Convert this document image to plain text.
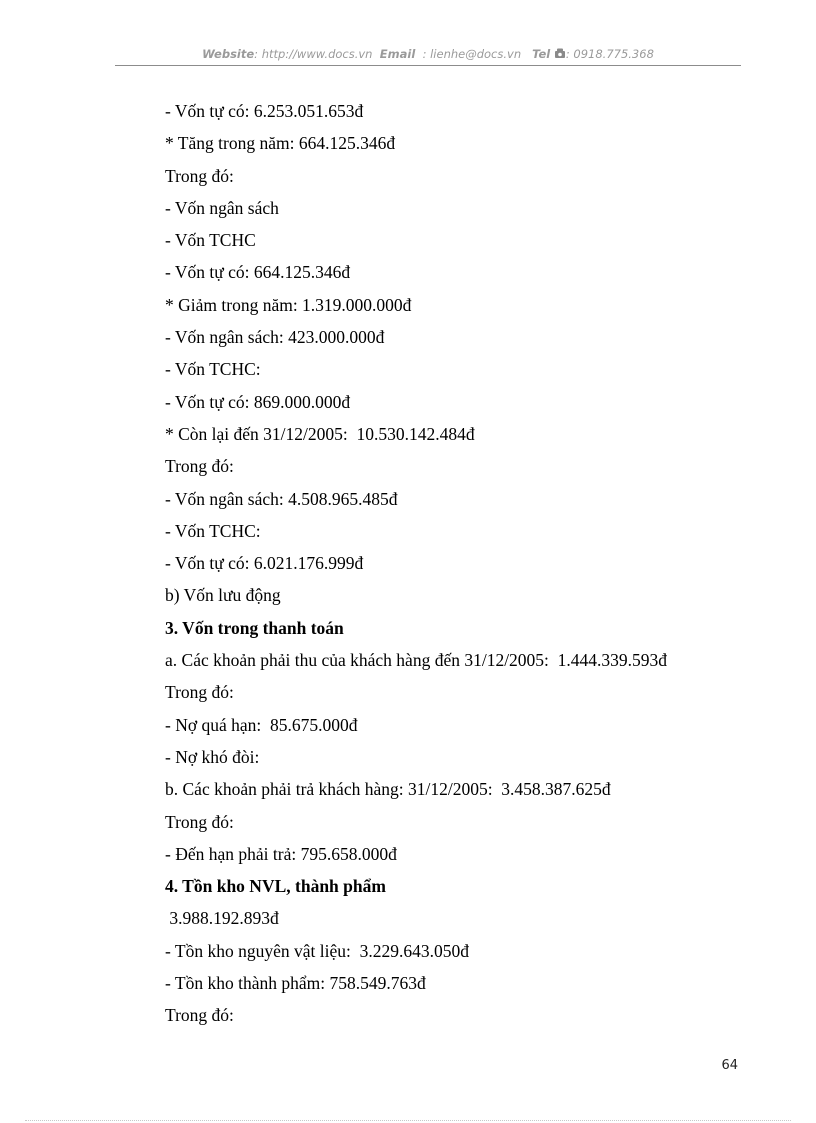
Website: http://www.docs.vn Email : lienhe@docs.vn Tel : 0918.775.368
- Vốn tự có: 6.253.051.653đ
* Tăng trong năm: 664.125.346đ
Trong đó:
- Vốn ngân sách
- Vốn TCHC
- Vốn tự có: 664.125.346đ
* Giảm trong năm: 1.319.000.000đ
- Vốn ngân sách: 423.000.000đ
- Vốn TCHC:
- Vốn tự có: 869.000.000đ
* Còn lại đến 31/12/2005:  10.530.142.484đ
Trong đó:
- Vốn ngân sách: 4.508.965.485đ
- Vốn TCHC:
- Vốn tự có: 6.021.176.999đ
b) Vốn lưu động
3. Vốn trong thanh toán
a. Các khoản phải thu của khách hàng đến 31/12/2005:  1.444.339.593đ
Trong đó:
- Nợ quá hạn:  85.675.000đ
- Nợ khó đòi:
b. Các khoản phải trả khách hàng: 31/12/2005:  3.458.387.625đ
Trong đó:
- Đến hạn phải trả: 795.658.000đ
4. Tồn kho NVL, thành phẩm
3.988.192.893đ
- Tồn kho nguyên vật liệu:  3.229.643.050đ
- Tồn kho thành phẩm: 758.549.763đ
Trong đó:
64
